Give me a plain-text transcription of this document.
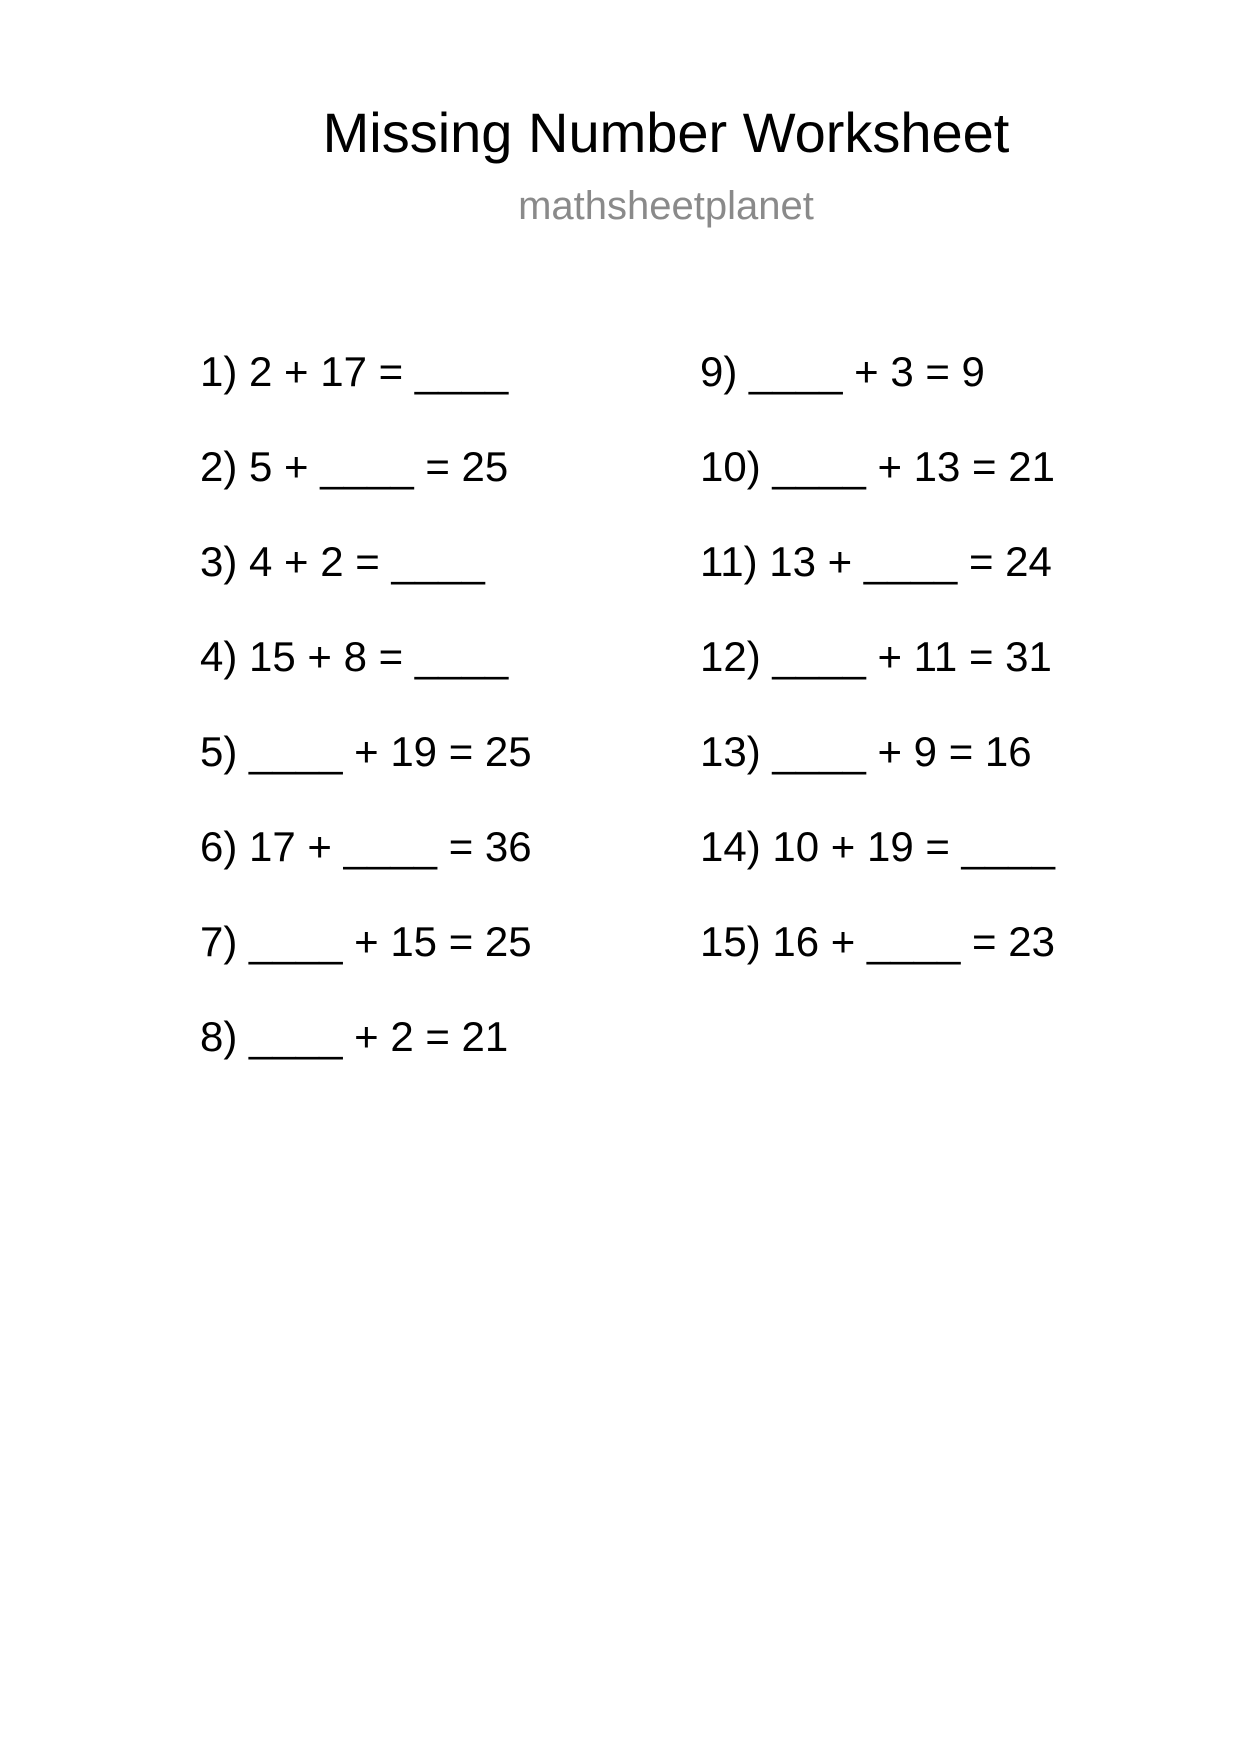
Missing Number Worksheet
mathsheetplanet
1) 2 + 17 = ____
2) 5 + ____ = 25
3) 4 + 2 = ____
4) 15 + 8 = ____
5) ____ + 19 = 25
6) 17 + ____ = 36
7) ____ + 15 = 25
8) ____ + 2 = 21
9) ____ + 3 = 9
10) ____ + 13 = 21
11) 13 + ____ = 24
12) ____ + 11 = 31
13) ____ + 9 = 16
14) 10 + 19 = ____
15) 16 + ____ = 23
